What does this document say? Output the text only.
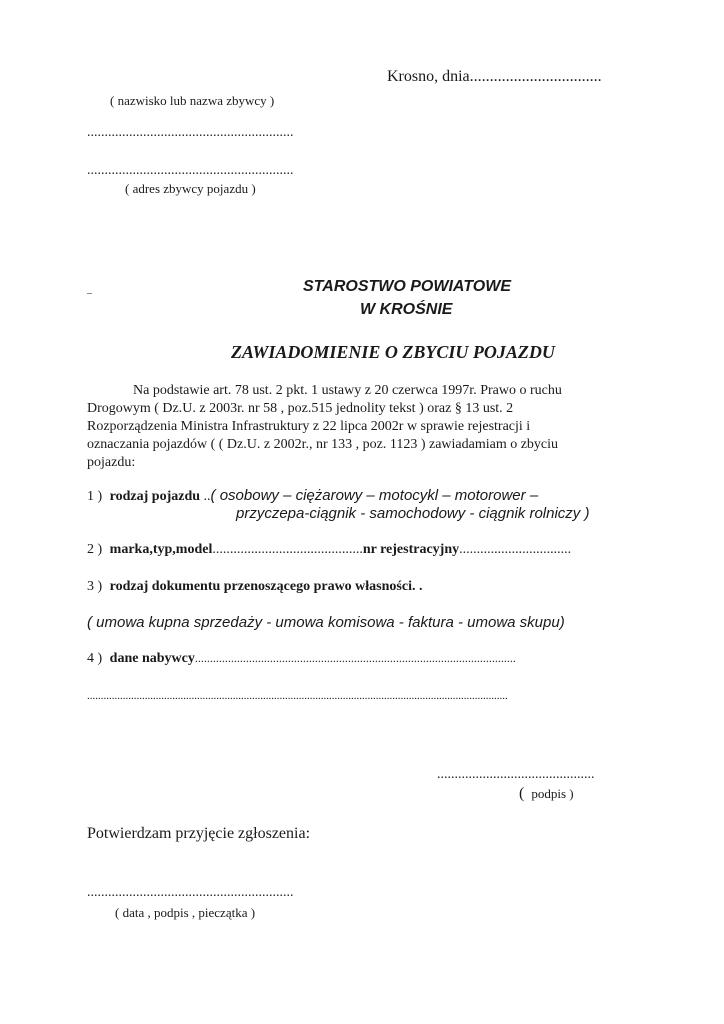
Krosno, dnia.................................
( nazwisko lub nazwa zbywcy )
...........................................................
...........................................................
( adres zbywcy pojazdu )
–	STAROSTWO POWIATOWE
W KROŚNIE
ZAWIADOMIENIE O ZBYCIU POJAZDU
Na podstawie art. 78 ust. 2 pkt. 1 ustawy z 20 czerwca 1997r. Prawo o ruchu
Drogowym ( Dz.U. z 2003r. nr 58 , poz.515 jednolity tekst ) oraz § 13 ust. 2
Rozporządzenia Ministra Infrastruktury z 22 lipca 2002r w sprawie rejestracji i
oznaczania pojazdów ( ( Dz.U. z 2002r., nr 133 , poz. 1123 ) zawiadamiam o zbyciu
pojazdu:
1 ) rodzaj pojazdu ..( osobowy – ciężarowy – motocykl – motorower –
przyczepa-ciągnik - samochodowy - ciągnik rolniczy )
2 ) marka,typ,model...........................................nr rejestracyjny................................
3 ) rodzaj dokumentu przenoszącego prawo własności. .
( umowa kupna sprzedaży - umowa komisowa - faktura - umowa skupu)
4 ) dane nabywcy...........................................................................................................
.........................................................................................................................................................
.............................................
( podpis )
Potwierdzam przyjęcie zgłoszenia:
...........................................................
( data , podpis , pieczątka )
